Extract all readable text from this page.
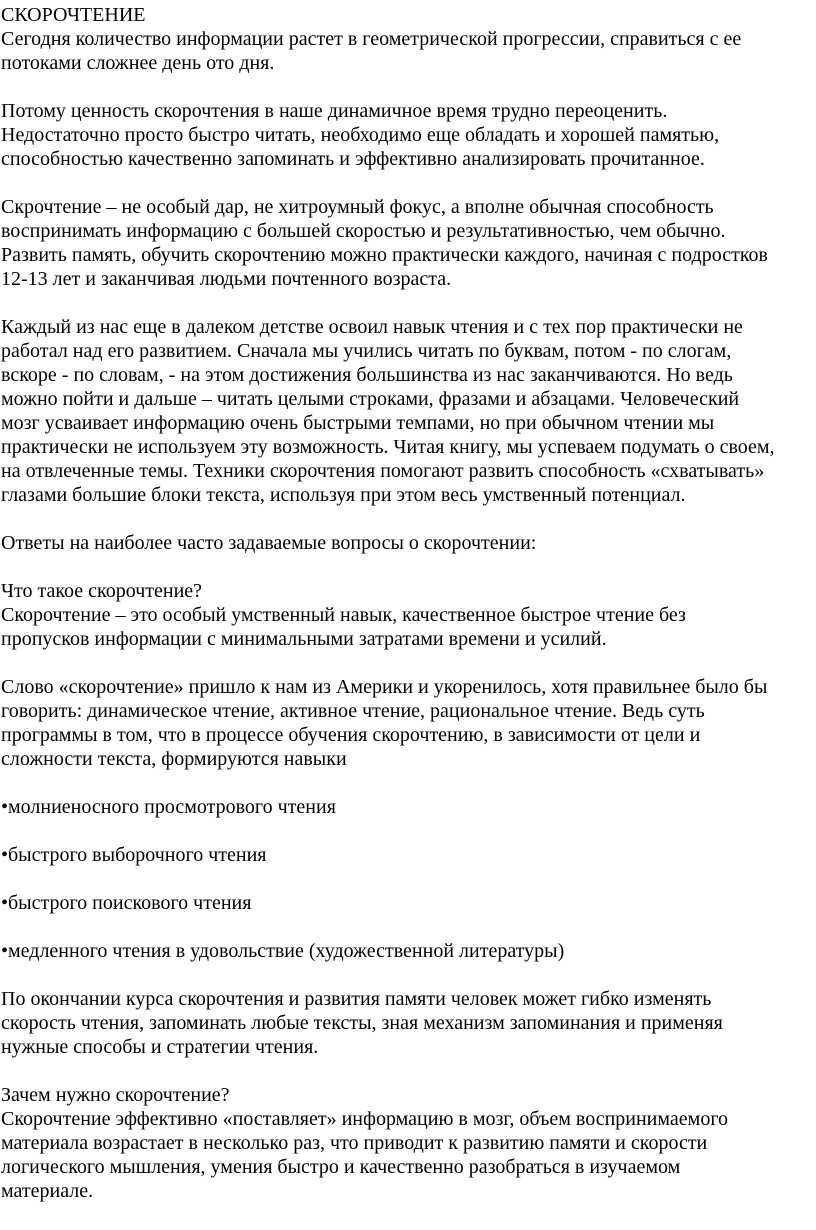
СКОРОЧТЕНИЕ

Сегодня количество информации растет в геометрической прогрессии, справиться с ее
потоками сложнее день ото дня.

Потому ценность скорочтения в наше динамичное время трудно переоценить.
Недостаточно просто быстро читать, необходимо еще обладать и хорошей памятью,
способностью качественно запоминать и эффективно анализировать прочитанное.

Скрочтение – не особый дар, не хитроумный фокус, а вполне обычная способность
воспринимать информацию с большей скоростью и результативностью, чем обычно.
Развить память, обучить скорочтению можно практически каждого, начиная с подростков
12-13 лет и заканчивая людьми почтенного возраста.

Каждый из нас еще в далеком детстве освоил навык чтения и с тех пор практически не
работал над его развитием. Сначала мы учились читать по буквам, потом - по слогам,
вскоре - по словам, - на этом достижения большинства из нас заканчиваются. Но ведь
можно пойти и дальше – читать целыми строками, фразами и абзацами. Человеческий
мозг усваивает информацию очень быстрыми темпами, но при обычном чтении мы
практически не используем эту возможность. Читая книгу, мы успеваем подумать о своем,
на отвлеченные темы. Техники скорочтения помогают развить способность «схватывать»
глазами большие блоки текста, используя при этом весь умственный потенциал.

Ответы на наиболее часто задаваемые вопросы о скорочтении:

Что такое скорочтение?
Скорочтение – это особый умственный навык, качественное быстрое чтение без
пропусков информации с минимальными затратами времени и усилий.

Слово «скорочтение» пришло к нам из Америки и укоренилось, хотя правильнее было бы
говорить: динамическое чтение, активное чтение, рациональное чтение. Ведь суть
программы в том, что в процессе обучения скорочтению, в зависимости от цели и
сложности текста, формируются навыки

•молниеносного просмотрового чтения

•быстрого выборочного чтения

•быстрого поискового чтения

•медленного чтения в удовольствие (художественной литературы)

По окончании курса скорочтения и развития памяти человек может гибко изменять
скорость чтения, запоминать любые тексты, зная механизм запоминания и применяя
нужные способы и стратегии чтения.

Зачем нужно скорочтение?
Скорочтение эффективно «поставляет» информацию в мозг, объем воспринимаемого
материала возрастает в несколько раз, что приводит к развитию памяти и скорости
логического мышления, умения быстро и качественно разобраться в изучаемом
материале.
